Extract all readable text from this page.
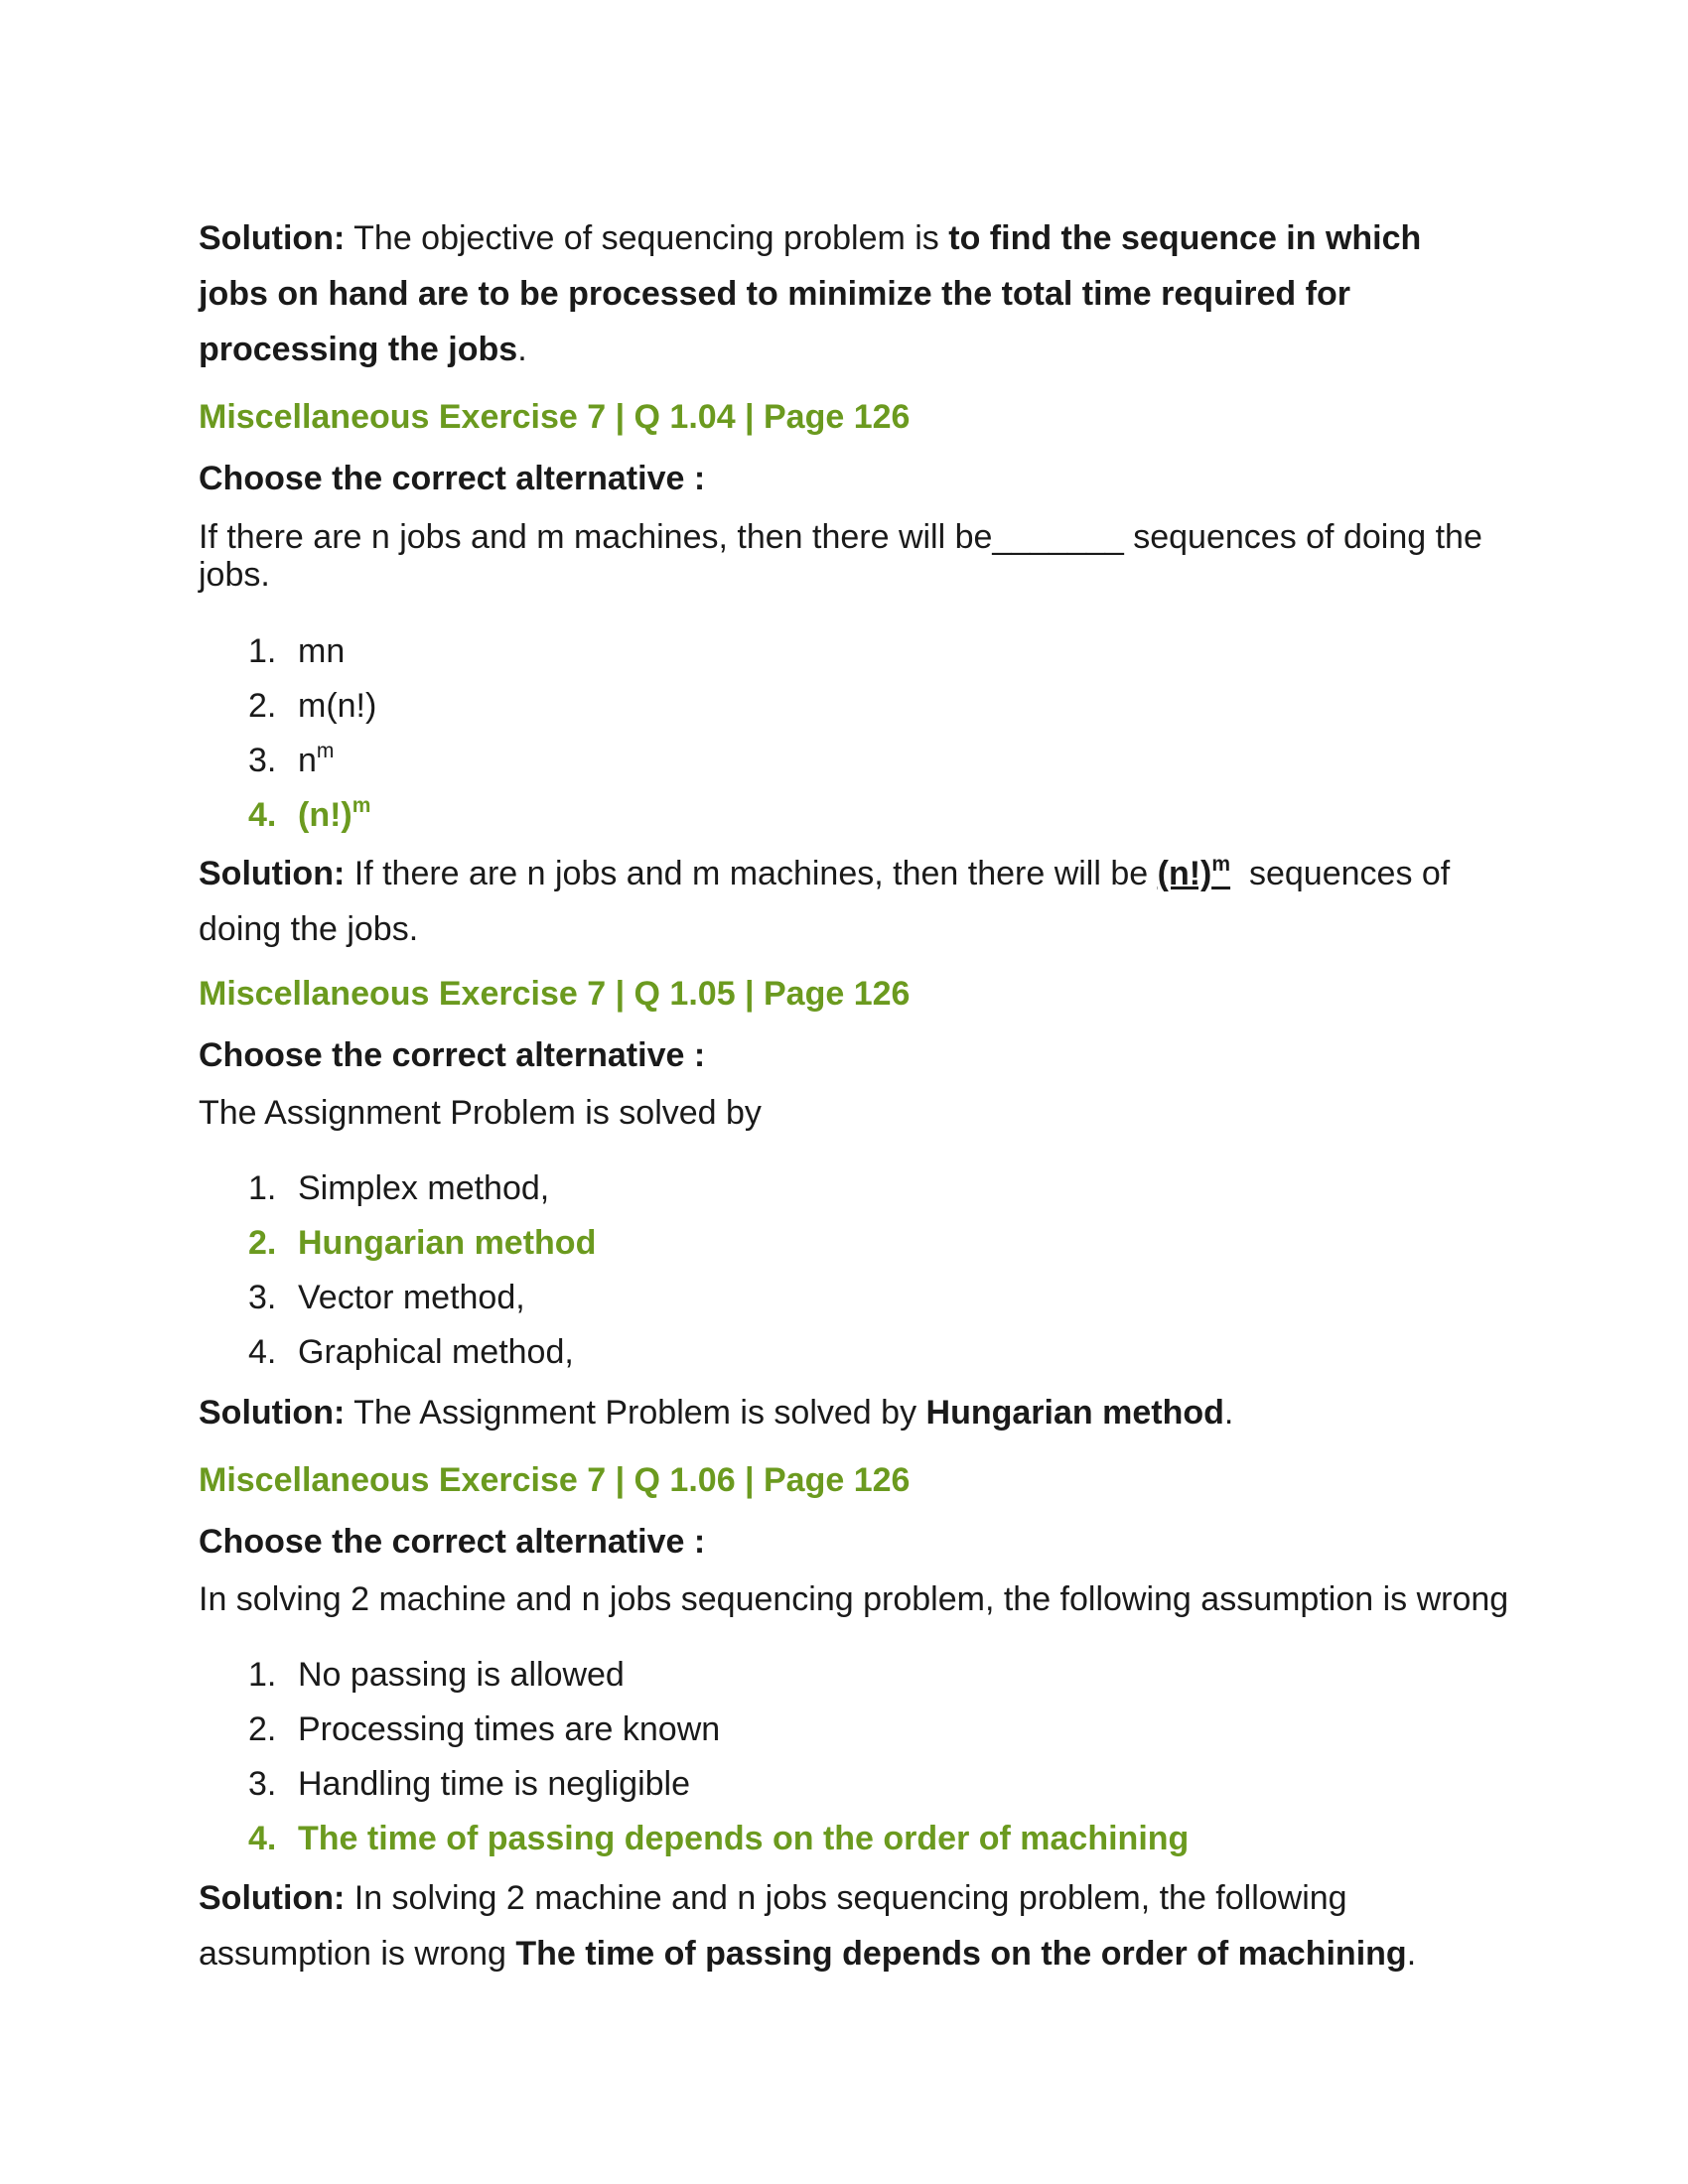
Solution: The objective of sequencing problem is to find the sequence in which jobs on hand are to be processed to minimize the total time required for processing the jobs.
Miscellaneous Exercise 7 | Q 1.04 | Page 126
Choose the correct alternative :
If there are n jobs and m machines, then there will be_______ sequences of doing the jobs.
1. mn
2. m(n!)
3. $n^m$
4. $(n!)^m$
Solution: If there are n jobs and m machines, then there will be $(n!)^m$ sequences of doing the jobs.
Miscellaneous Exercise 7 | Q 1.05 | Page 126
Choose the correct alternative :
The Assignment Problem is solved by
1. Simplex method,
2. Hungarian method
3. Vector method,
4. Graphical method,
Solution: The Assignment Problem is solved by Hungarian method.
Miscellaneous Exercise 7 | Q 1.06 | Page 126
Choose the correct alternative :
In solving 2 machine and n jobs sequencing problem, the following assumption is wrong
1. No passing is allowed
2. Processing times are known
3. Handling time is negligible
4. The time of passing depends on the order of machining
Solution: In solving 2 machine and n jobs sequencing problem, the following assumption is wrong The time of passing depends on the order of machining.
